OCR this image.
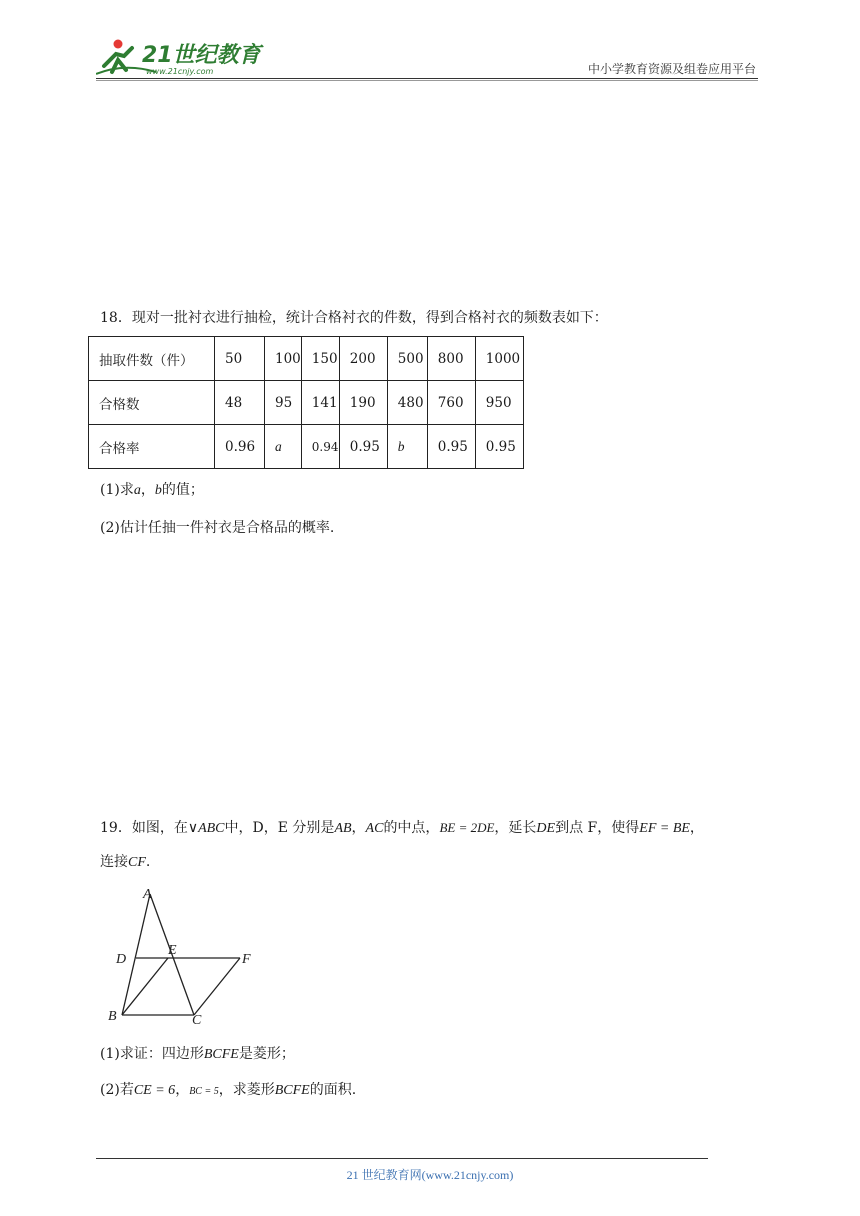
21世纪教育
www.21cnjy.com	中小学教育资源及组卷应用平台
18．现对一批衬衣进行抽检，统计合格衬衣的件数，得到合格衬衣的频数表如下：
抽取件数（件）	50	100	150	200	500	800	1000
合格数	48	95	141	190	480	760	950
合格率	0.96	a	0.94	0.95	b	0.95	0.95
(1)求a，b的值；
(2)估计任抽一件衬衣是合格品的概率.
19．如图，在∨ABC中，D，E 分别是AB，AC的中点，BE = 2DE，延长DE到点 F，使得EF = BE，
连接CF.
A
D
E
F
B	C
(1)求证：四边形BCFE是菱形；
(2)若CE = 6，BC = 5，求菱形BCFE的面积.
21 世纪教育网(www.21cnjy.com)
